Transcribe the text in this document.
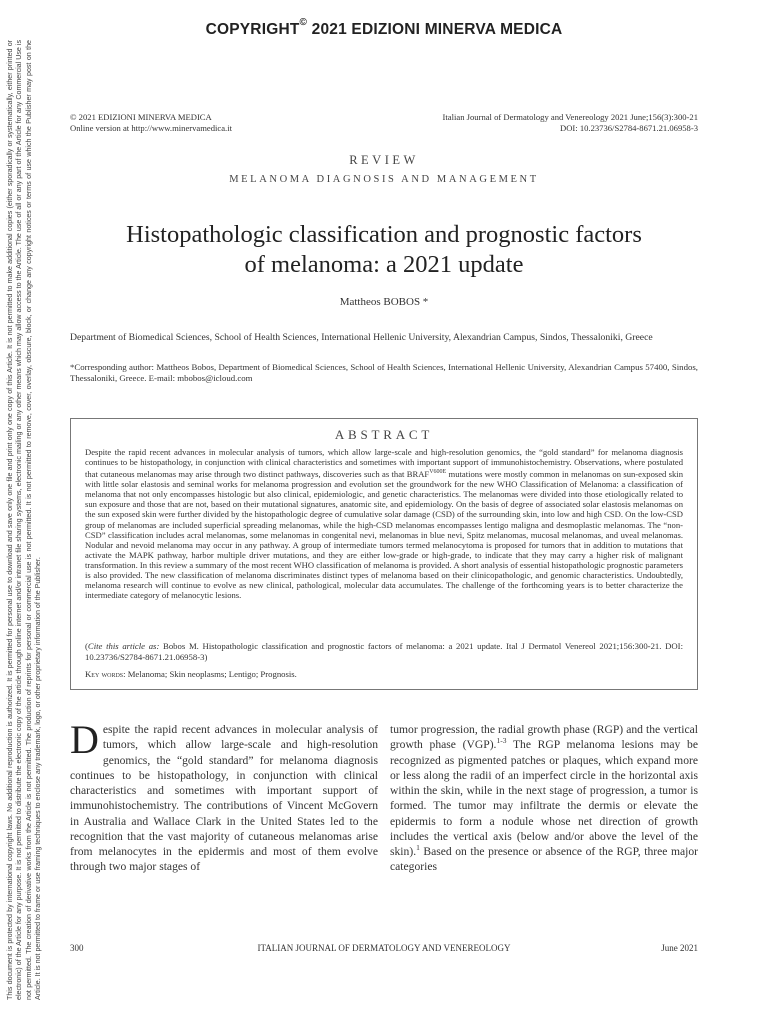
This document is protected by international copyright laws. No additional reproduction is authorized. It is permitted for personal use to download and save only one file and print only one copy of this Article. It is not permitted to make additional copies (either sporadically or systematically, either printed or electronic) of the Article for any purpose. It is not permitted to distribute the electronic copy of the article through online internet and/or intranet file sharing systems, electronic mailing or any other means which may allow access to the Article. The use of all or any part of the Article for any Commercial Use is not permitted. The creation of derivative works from the Article is not permitted. The production of reprints for personal or commercial use is not permitted. It is not permitted to remove, cover, overlay, obscure, block, or change any copyright notices or terms of use which the Publisher may post on the Article. It is not permitted to frame or use framing techniques to enclose any trademark, logo, or other proprietary information of the Publisher.
COPYRIGHT© 2021 EDIZIONI MINERVA MEDICA
© 2021 EDIZIONI MINERVA MEDICA
Online version at http://www.minervamedica.it
Italian Journal of Dermatology and Venereology 2021 June;156(3):300-21
DOI: 10.23736/S2784-8671.21.06958-3
REVIEW
MELANOMA DIAGNOSIS AND MANAGEMENT
Histopathologic classification and prognostic factors
of melanoma: a 2021 update
Mattheos BOBOS *
Department of Biomedical Sciences, School of Health Sciences, International Hellenic University, Alexandrian Campus, Sindos, Thessaloniki, Greece
*Corresponding author: Mattheos Bobos, Department of Biomedical Sciences, School of Health Sciences, International Hellenic University, Alexandrian Campus 57400, Sindos, Thessaloniki, Greece. E-mail: mbobos@icloud.com
ABSTRACT
Despite the rapid recent advances in molecular analysis of tumors, which allow large-scale and high-resolution genomics, the “gold standard” for melanoma diagnosis continues to be histopathology, in conjunction with clinical characteristics and sometimes with important support of immunohistochemistry. Observations, where postulated that cutaneous melanomas may arise through two distinct pathways, discoveries such as that $BRAF^{V600E}$ mutations were mostly common in melanomas on sun-exposed skin with little solar elastosis and seminal works for melanoma progression and evolution set the groundwork for the new WHO Classification of Melanoma: a classification of melanoma that not only encompasses histologic but also clinical, epidemiologic, and genetic characteristics. The melanomas were divided into those etiologically related to sun exposure and those that are not, based on their mutational signatures, anatomic site, and epidemiology. On the basis of degree of associated solar elastosis melanomas on the sun exposed skin were further divided by the histopathologic degree of cumulative solar damage (CSD) of the surrounding skin, into low and high CSD. On the low-CSD group of melanomas are included superficial spreading melanomas, while the high-CSD melanomas encompasses lentigo maligna and desmoplastic melanomas. The “non-CSD” classification includes acral melanomas, some melanomas in congenital nevi, melanomas in blue nevi, Spitz melanomas, mucosal melanomas, and uveal melanomas. Nodular and nevoid melanoma may occur in any pathway. A group of intermediate tumors termed melanocytoma is proposed for tumors that in addition to mutations that activate the MAPK pathway, harbor multiple driver mutations, and they are either low-grade or high-grade, to indicate that they may carry a higher risk of malignant transformation. In this review a summary of the most recent WHO classification of melanoma is provided. A short analysis of essential histopathologic prognostic parameters is also provided. The new classification of melanoma discriminates distinct types of melanoma based on their clinicopathologic, and genomic characteristics. Undoubtedly, melanoma research will continue to evolve as new clinical, pathological, molecular data accumulates. The challenge of the forthcoming years is to better characterize the intermediate category of melanocytic lesions.
(Cite this article as: Bobos M. Histopathologic classification and prognostic factors of melanoma: a 2021 update. Ital J Dermatol Venereol 2021;156:300-21. DOI: 10.23736/S2784-8671.21.06958-3)
Key words: Melanoma; Skin neoplasms; Lentigo; Prognosis.
Despite the rapid recent advances in molecular analysis of tumors, which allow large-scale and high-resolution genomics, the “gold standard” for melanoma diagnosis continues to be histopathology, in conjunction with clinical characteristics and sometimes with important support of immunohistochemistry. The contributions of Vincent McGovern in Australia and Wallace Clark in the United States led to the recognition that the vast majority of cutaneous melanomas arise from melanocytes in the epidermis and most of them evolve through two major stages of
tumor progression, the radial growth phase (RGP) and the vertical growth phase (VGP).$^{1-3}$ The RGP melanoma lesions may be recognized as pigmented patches or plaques, which expand more or less along the radii of an imperfect circle in the horizontal axis within the skin, while in the next stage of progression, a tumor is formed. The tumor may infiltrate the dermis or elevate the epidermis to form a nodule whose net direction of growth includes the vertical axis (below and/or above the level of the skin).$^1$ Based on the presence or absence of the RGP, three major categories
ITALIAN JOURNAL OF DERMATOLOGY AND VENEREOLOGY
300	June 2021
